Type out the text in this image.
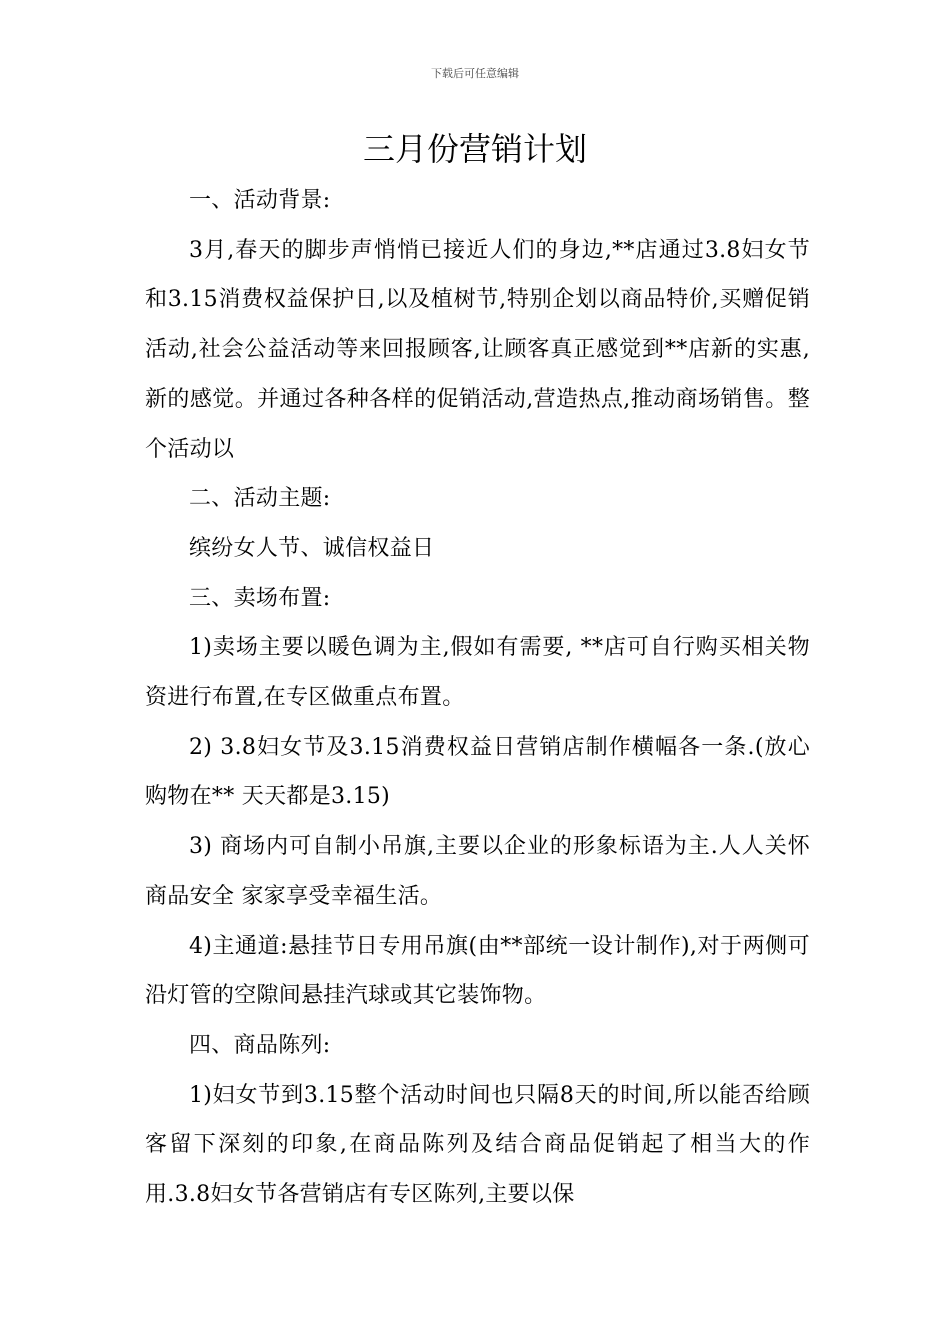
下载后可任意编辑
三月份营销计划

一、活动背景:

3月,春天的脚步声悄悄已接近人们的身边,**店通过3.8妇女节和3.15消费权益保护日,以及植树节,特别企划以商品特价,买赠促销活动,社会公益活动等来回报顾客,让顾客真正感觉到**店新的实惠,新的感觉。并通过各种各样的促销活动,营造热点,推动商场销售。整个活动以

二、活动主题:

缤纷女人节、诚信权益日

三、卖场布置:

1)卖场主要以暖色调为主,假如有需要, **店可自行购买相关物资进行布置,在专区做重点布置。

2) 3.8妇女节及3.15消费权益日营销店制作横幅各一条.(放心购物在** 天天都是3.15)

3) 商场内可自制小吊旗,主要以企业的形象标语为主.人人关怀商品安全 家家享受幸福生活。

4)主通道:悬挂节日专用吊旗(由**部统一设计制作),对于两侧可沿灯管的空隙间悬挂汽球或其它装饰物。

四、商品陈列:

1)妇女节到3.15整个活动时间也只隔8天的时间,所以能否给顾客留下深刻的印象,在商品陈列及结合商品促销起了相当大的作用.3.8妇女节各营销店有专区陈列,主要以保
